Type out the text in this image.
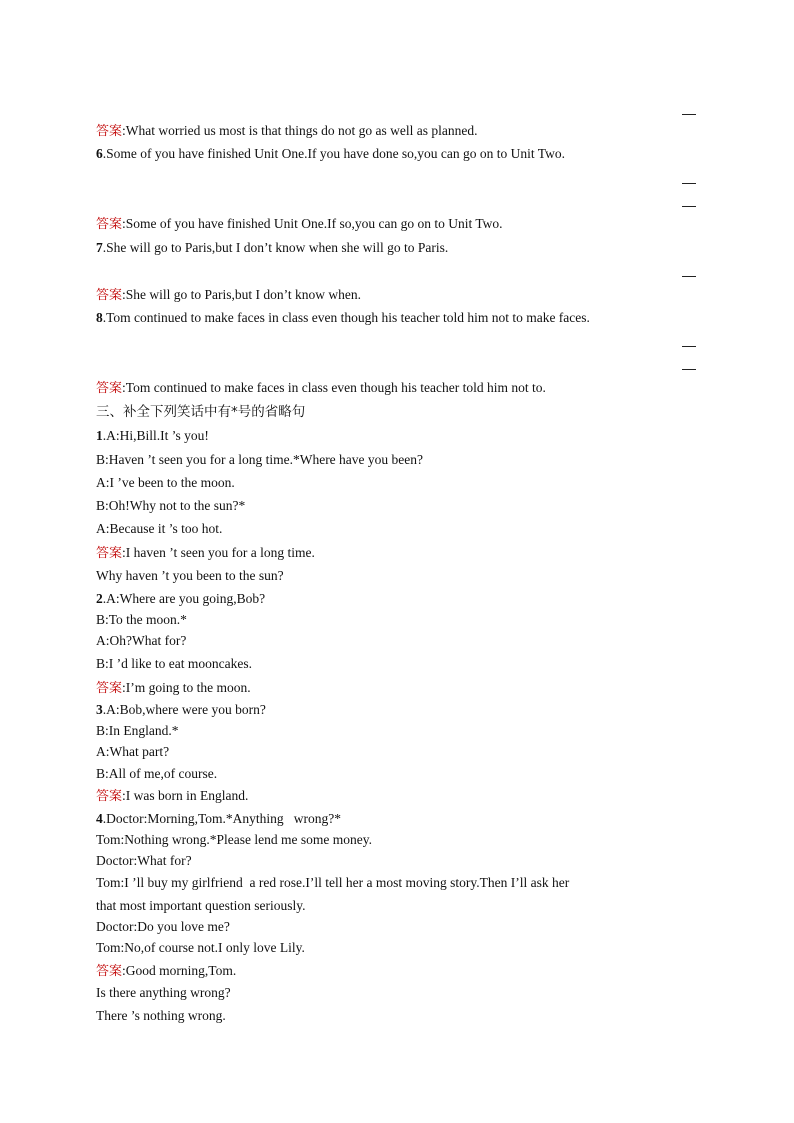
答案:What worried us most is that things do not go as well as planned.
6.Some of you have finished Unit One.If you have done so,you can go on to Unit Two.
答案:Some of you have finished Unit One.If so,you can go on to Unit Two.
7.She will go to Paris,but I don’t know when she will go to Paris.
答案:She will go to Paris,but I don’t know when.
8.Tom continued to make faces in class even though his teacher told him not to make faces.
答案:Tom continued to make faces in class even though his teacher told him not to.
三、补全下列笑话中有*号的省略句
1.A:Hi,Bill.It ’s you!
B:Haven ’t seen you for a long time.*Where have you been?
A:I ’ve been to the moon.
B:Oh!Why not to the sun?*
A:Because it ’s too hot.
答案:I haven ’t seen you for a long time.
Why haven ’t you been to the sun?
2.A:Where are you going,Bob?
B:To the moon.*
A:Oh?What for?
B:I ’d like to eat mooncakes.
答案:I’m going to the moon.
3.A:Bob,where were you born?
B:In England.*
A:What part?
B:All of me,of course.
答案:I was born in England.
4.Doctor:Morning,Tom.*Anything   wrong?*
Tom:Nothing wrong.*Please lend me some money.
Doctor:What for?
Tom:I ’ll buy my girlfriend  a red rose.I’ll tell her a most moving story.Then I’ll ask her
that most important question seriously.
Doctor:Do you love me?
Tom:No,of course not.I only love Lily.
答案:Good morning,Tom.
Is there anything wrong?
There ’s nothing wrong.
